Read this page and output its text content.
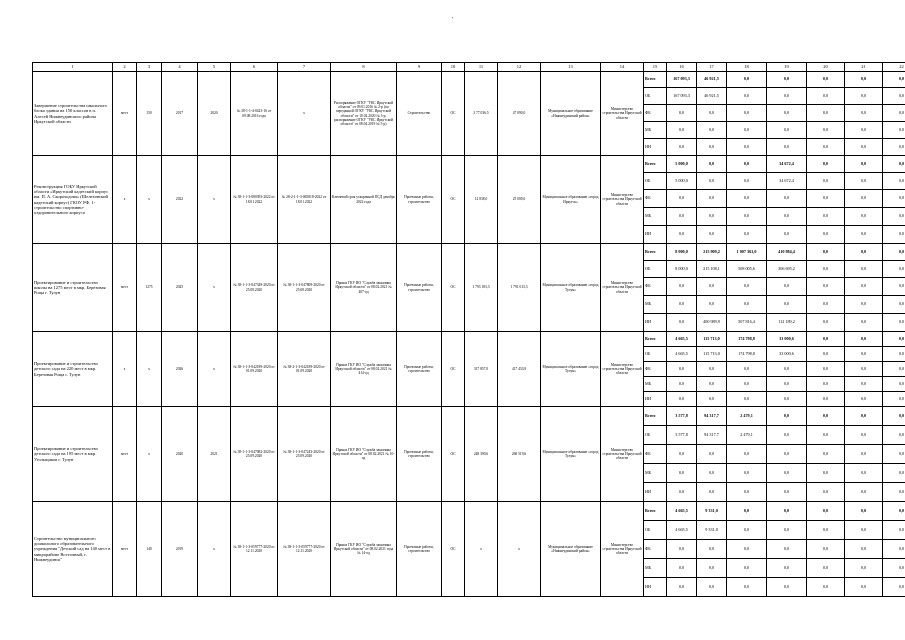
'
1	2	3	4	5	6	7	8	9	10	11	12	13	14	15	16	17	18	19	20	21	22
Завершение строительства школьного блока здания на 150 классов в п. Алесей Нижнеудинского района Иркутской области	мест	150	2017	2020	№ 38-1-1-4-0423-16 от 09.08.2016 года	х	Распоряжение ОГКУ "УКС Иркутской области" от 09.01.2016 № 2-р (по переданной ОГКУ "УКС Иркутской области" от 10.02.2020 № 3-р, распоряжение ОГКУ "УКС Иркутской области" от 08.04.2019 № 5-р)	Строительство	ОС	3 77 036,5	47 090,0	Муниципальное образование «Нижнеудинский район»	Министерство строительства Иркутской области	Всего	167 093,3	46 921,5	0,0	0,0	0,0	0,0	0,0
														ОБ	167 093,3	46 921,5	0,0	0,0	0,0	0,0	0,0
														ФБ	0,0	0,0	0,0	0,0	0,0	0,0	0,0
														МБ	0,0	0,0	0,0	0,0	0,0	0,0	0,0
														ИИ	0,0	0,0	0,0	0,0	0,0	0,0	0,0
Реконструкция ГОБУ Иркутской области «Иркутский кадетский корпус им. П. А. Скороходова» (Шелеховский кадетский корпус) ГКОУ РФ. 1-строительство спортивно-оздоровительного корпуса	х	х	2022	х	№ 38-1-1-3-080393-2022 от 18.01.2022	№ 28-2-1-1-3-065818-2022 от 18.01.2022	Ключевой срок ускоренной ПСД декабрь 2022 года	Проектные работы, строительство	ОС	12 838,0	25 000,0	Муниципальное образование «город Иркутск»	Министерство строительства Иркутской области	Всего	5 000,0	0,0	0,0	34 672,4	0,0	0,0	0,0
														ОБ	5 000,0	0,0	0,0	34 672,4	0,0	0,0	0,0
														ФБ	0,0	0,0	0,0	0,0	0,0	0,0	0,0
														МБ	0,0	0,0	0,0	0,0	0,0	0,0	0,0
														ИИ	0,0	0,0	0,0	0,0	0,0	0,0	0,0
Проектирование и строительство школы на 1275 мест в мкр. Березовая Роща г. Тулун	мест	1275	2025	х	№ 38-1-1-3-047349-2020 от 25.08.2020	№ 38-1-1-3-047809-2020 от 25.08.2020	Приказ ГКУ ИО "Служба заказчика Иркутской области" от 08.02.2021 № 407-од	Проектные работы, строительство	ОС	1 793 183,3	1 791 013,3	Муниципальное образование «город Тулун»	Министерство строительства Иркутской области	Всего	8 000,0	215 909,2	1 007 363,0	410 984,4	0,0	0,0	0,0
														ОБ	8 000,0	215 108,1	508 005,6	306 695,2	0,0	0,0	0,0
														ФБ	0,0	0,0	0,0	0,0	0,0	0,0	0,0
														МБ	0,0	0,0	0,0	0,0	0,0	0,0	0,0
														ИИ	0,0	400 989,9	507 816,4	112 189,2	0,0	0,0	0,0
Проектирование и строительство детского сада на 220 мест в мкр. Березовая Роща г. Тулун	х	х	2026	х	№ 38-1-1-3-042189-2020 от 01.09.2020	№ 38-2-1-3-042189-2020 от 01.09.2020	Приказ ГКУ ИО "Служба заказчика Иркутской области" от 08.02.2021 № 414-од	Проектные работы, строительство	ОС	317 857,0	417 433,9	Муниципальное образование «город Тулун»	Министерство строительства Иркутской области	Всего	4 665,5	115 713,0	174 798,8	33 000,6	0,0	0,0	0,0
														ОБ	4 665,5	115 713,0	174 798,8	33 000,6	0,0	0,0	0,0
														ФБ	0,0	0,0	0,0	0,0	0,0	0,0	0,0
														МБ	0,0	0,0	0,0	0,0	0,0	0,0	0,0
														ИИ	0,0	0,0	0,0	0,0	0,0	0,0	0,0
Проектирование и строительство детского сада на 195 мест в мкр. Угольщиков г. Тулун	мест	х	2020	2021	№ 38-1-1-3-047082-2020 от 25.09.2020	№ 38-1-1-3-047243-2020 от 25.09.2020	Приказ ГКУ ИО "Служба заказчика Иркутской области" от 08.02.2021 № 10-од	Проектные работы, строительство	ОС	248 390,6	268 519,6	Муниципальное образование «город Тулун»	Министерство строительства Иркутской области	Всего	3 577,8	94 317,7	2 479,1	0,0	0,0	0,0	0,0
														ОБ	3 577,8	94 317,7	2 479,1	0,0	0,0	0,0	0,0
														ФБ	0,0	0,0	0,0	0,0	0,0	0,0	0,0
														МБ	0,0	0,0	0,0	0,0	0,0	0,0	0,0
														ИИ	0,0	0,0	0,0	0,0	0,0	0,0	0,0
Строительство муниципального дошкольного образовательного учреждения "Детский сад на 140 мест в микрорайоне Восточный, г. Нижнеудинск"	мест	140	2019	х	№ 38-1-1-3-059777-2020 от 12.11.2020	№ 38-1-1-3-059777-2020 от 12.11.2020	Приказ ГКУ ИО "Служба заказчика Иркутской области" от 08.02.2021 года № 14-од	Проектные работы, строительство	ОС	х	х	Муниципальное образование «Нижнеудинский район»	Министерство строительства Иркутской области	Всего	4 665,5	9 331,0	0,0	0,0	0,0	0,0	0,0
														ОБ	4 665,5	9 331,0	0,0	0,0	0,0	0,0	0,0
														ФБ	0,0	0,0	0,0	0,0	0,0	0,0	0,0
														МБ	0,0	0,0	0,0	0,0	0,0	0,0	0,0
														ИИ	0,0	0,0	0,0	0,0	0,0	0,0	0,0
